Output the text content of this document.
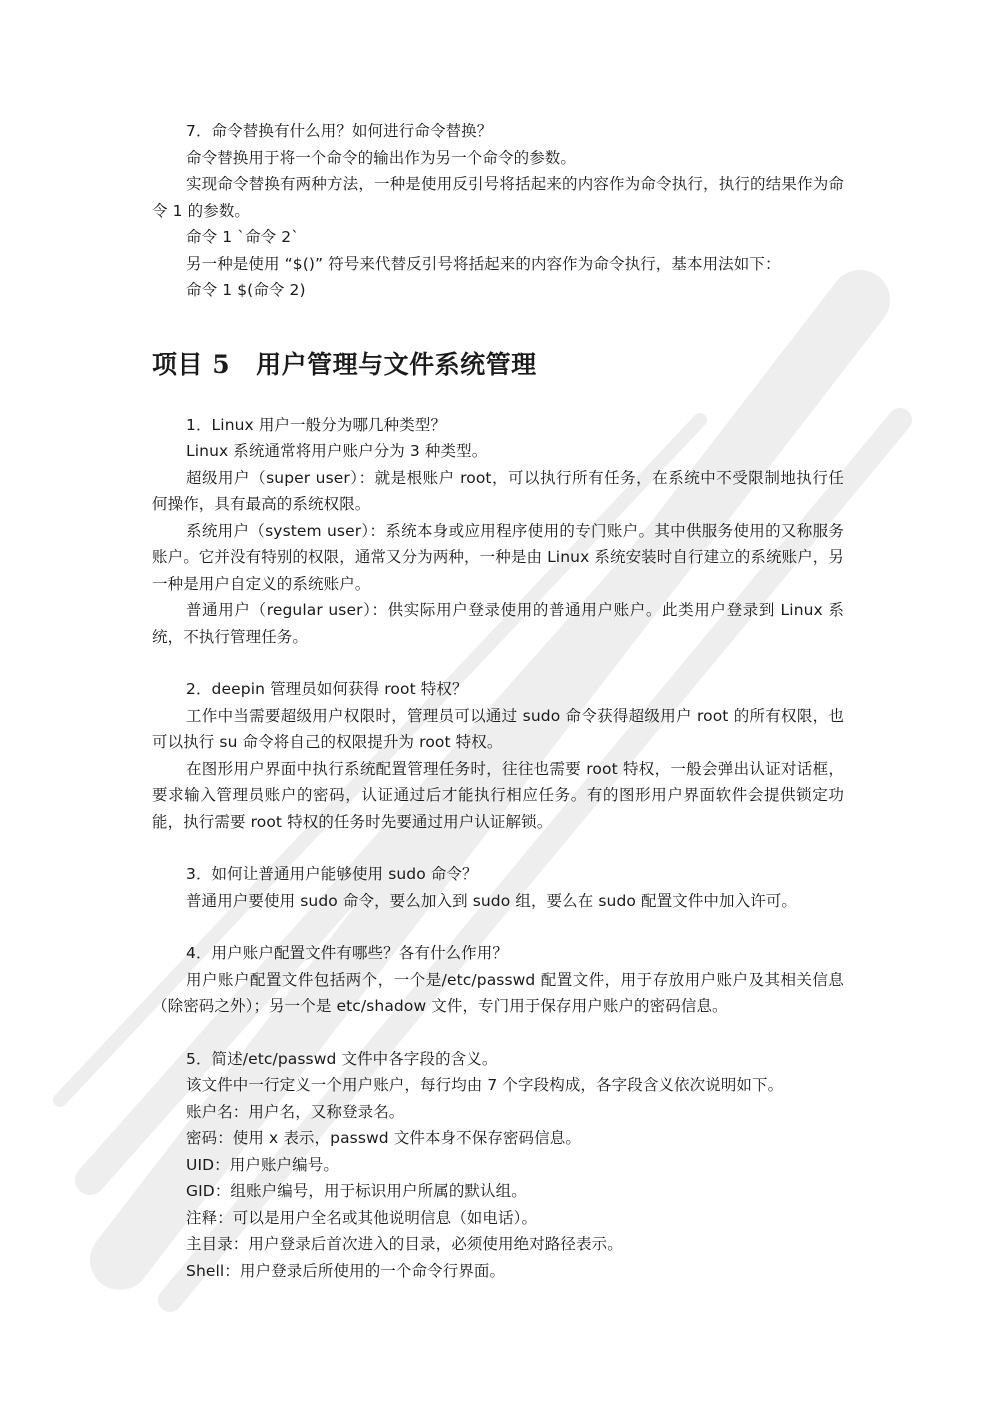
7．命令替换有什么用？如何进行命令替换？

命令替换用于将一个命令的输出作为另一个命令的参数。

实现命令替换有两种方法，一种是使用反引号将括起来的内容作为命令执行，执行的结果作为命令 1 的参数。

命令 1 `命令 2`

另一种是使用 “$()” 符号来代替反引号将括起来的内容作为命令执行，基本用法如下：

命令 1 $(命令 2)

项目 5 用户管理与文件系统管理

1．Linux 用户一般分为哪几种类型？

Linux 系统通常将用户账户分为 3 种类型。

超级用户（super user）：就是根账户 root，可以执行所有任务，在系统中不受限制地执行任何操作，具有最高的系统权限。

系统用户（system user）：系统本身或应用程序使用的专门账户。其中供服务使用的又称服务账户。它并没有特别的权限，通常又分为两种，一种是由 Linux 系统安装时自行建立的系统账户，另一种是用户自定义的系统账户。

普通用户（regular user）：供实际用户登录使用的普通用户账户。此类用户登录到 Linux 系统，不执行管理任务。

2．deepin 管理员如何获得 root 特权？

工作中当需要超级用户权限时，管理员可以通过 sudo 命令获得超级用户 root 的所有权限，也可以执行 su 命令将自己的权限提升为 root 特权。

在图形用户界面中执行系统配置管理任务时，往往也需要 root 特权，一般会弹出认证对话框，要求输入管理员账户的密码，认证通过后才能执行相应任务。有的图形用户界面软件会提供锁定功能，执行需要 root 特权的任务时先要通过用户认证解锁。

3．如何让普通用户能够使用 sudo 命令？

普通用户要使用 sudo 命令，要么加入到 sudo 组，要么在 sudo 配置文件中加入许可。

4．用户账户配置文件有哪些？各有什么作用？

用户账户配置文件包括两个，一个是/etc/passwd 配置文件，用于存放用户账户及其相关信息（除密码之外）；另一个是 etc/shadow 文件，专门用于保存用户账户的密码信息。

5．简述/etc/passwd 文件中各字段的含义。

该文件中一行定义一个用户账户，每行均由 7 个字段构成，各字段含义依次说明如下。

账户名：用户名，又称登录名。

密码：使用 x 表示，passwd 文件本身不保存密码信息。

UID：用户账户编号。

GID：组账户编号，用于标识用户所属的默认组。

注释：可以是用户全名或其他说明信息（如电话）。

主目录：用户登录后首次进入的目录，必须使用绝对路径表示。

Shell：用户登录后所使用的一个命令行界面。
